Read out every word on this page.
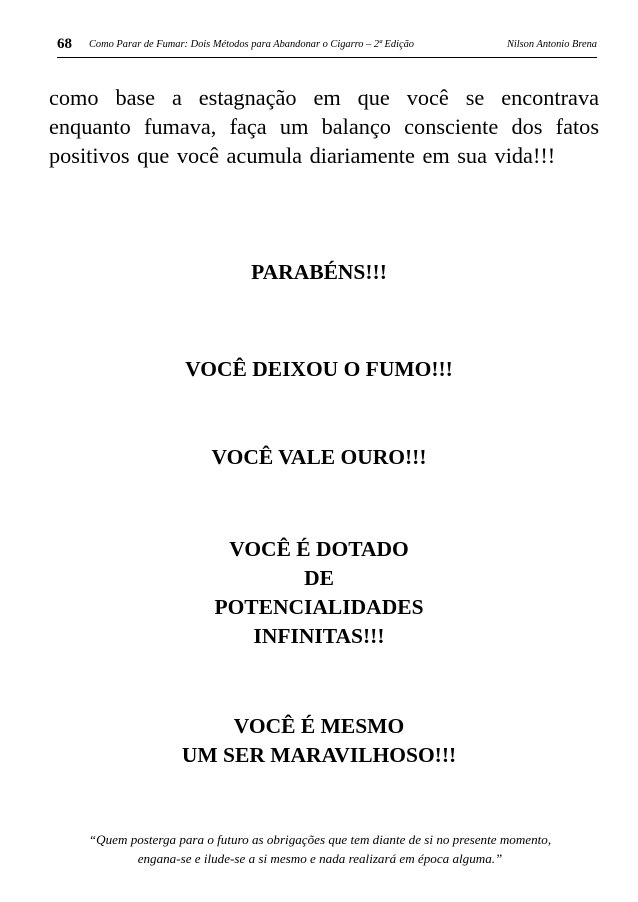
68 Como Parar de Fumar: Dois Métodos para Abandonar o Cigarro – 2ª Edição	Nilson Antonio Brena
como base a estagnação em que você se encontrava enquanto fumava, faça um balanço consciente dos fatos positivos que você acumula diariamente em sua vida!!!
PARABÉNS!!!
VOCÊ DEIXOU O FUMO!!!
VOCÊ VALE OURO!!!
VOCÊ É DOTADO
DE
POTENCIALIDADES
INFINITAS!!!
VOCÊ É MESMO
UM SER MARAVILHOSO!!!
“Quem posterga para o futuro as obrigações que tem diante de si no presente momento,
engana-se e ilude-se a si mesmo e nada realizará em época alguma.”
